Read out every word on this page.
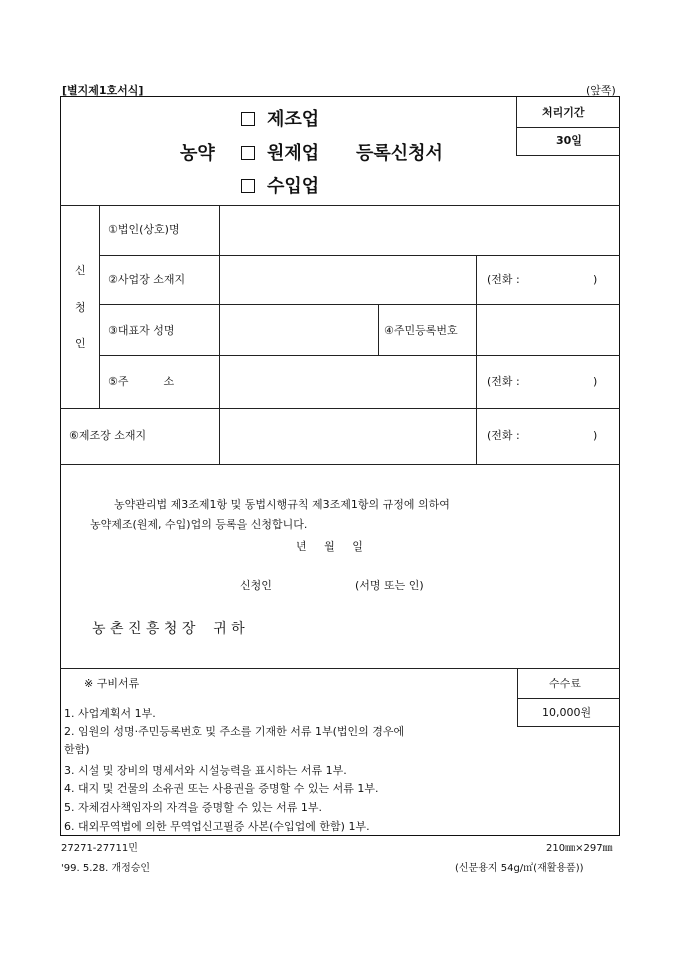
[별지제1호서식]	(앞쪽)
제조업
농약	원제업 등록신청서
수입업
처리기간
30일
신
청
인
①법인(상호)명
②사업장 소재지	(전화 :	)
③대표자 성명	④주민등록번호
⑤주          소	(전화 :	)
⑥제조장 소재지	(전화 :	)
농약관리법 제3조제1항 및 동법시행규칙 제3조제1항의 규정에 의하여
농약제조(원제, 수입)업의 등록을 신청합니다.
년     월     일
신청인	(서명 또는 인)
농 촌 진 흥 청 장    귀 하
※ 구비서류
1. 사업계획서 1부.
2. 임원의 성명·주민등록번호 및 주소를 기재한 서류 1부(법인의 경우에
한함)
3. 시설 및 장비의 명세서와 시설능력을 표시하는 서류 1부.
4. 대지 및 건물의 소유권 또는 사용권을 증명할 수 있는 서류 1부.
5. 자체검사책임자의 자격을 증명할 수 있는 서류 1부.
6. 대외무역법에 의한 무역업신고필증 사본(수입업에 한함) 1부.
수수료
10,000원
27271-27711민	210㎜×297㎜
'99. 5.28. 개정승인	(신문용지 54g/㎡(재활용품))
